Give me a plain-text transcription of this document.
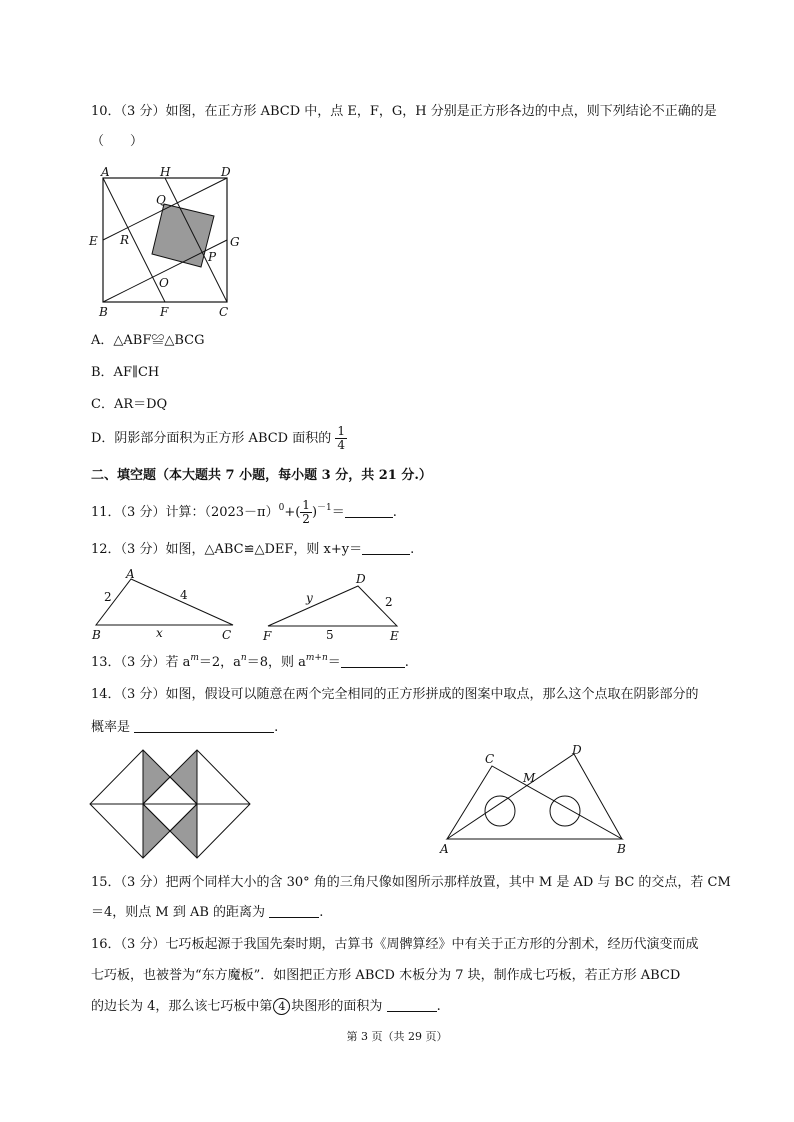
10．（3 分）如图，在正方形 ABCD 中，点 E，F，G，H 分别是正方形各边的中点，则下列结论不正确的是
（　　）
A	H	D
Q
E R	G
P
O
B	F	C
A．△ABF≌△BCG
B．AF∥CH
C．AR＝DQ
D．阴影部分面积为正方形 ABCD 面积的 $\frac{1}{4}$
二、填空题（本大题共 7 小题，每小题 3 分，共 21 分.）
11．（3 分）计算：$(2023-\pi)^0+( \frac{1}{2} )^{-1}=$	.
12．（3 分）如图，△ABC≌△DEF，则 x+y＝	.
A
B	C
2	4
x
D
E
F
y	2
5
13．（3 分）若 $a^m=2$，$a^n=8$，则 $a^{m+n}=$	.
14．（3 分）如图，假设可以随意在两个完全相同的正方形拼成的图案中取点，那么这个点取在阴影部分的
概率是	.
C
D
M
A	B
15．（3 分）把两个同样大小的含 30° 角的三角尺像如图所示那样放置，其中 M 是 AD 与 BC 的交点，若 CM
＝4，则点 M 到 AB 的距离为	.
16．（3 分）七巧板起源于我国先秦时期，古算书《周髀算经》中有关于正方形的分割术，经历代演变而成
七巧板，也被誉为“东方魔板”．如图把正方形 ABCD 木板分为 7 块，制作成七巧板，若正方形 ABCD
的边长为 4，那么该七巧板中第 4 块图形的面积为	.
第 3 页（共 29 页）
